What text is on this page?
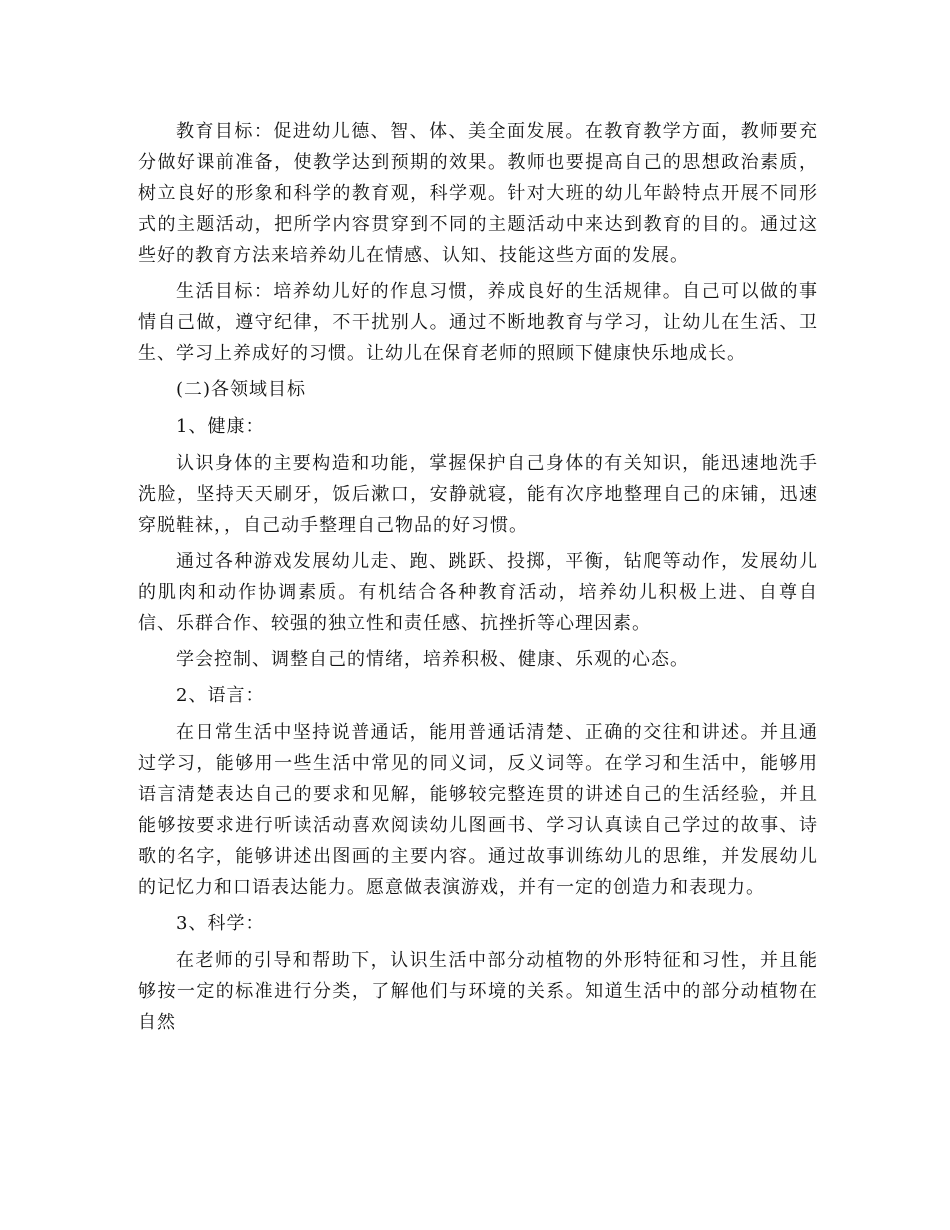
教育目标：促进幼儿德、智、体、美全面发展。在教育教学方面，教师要充分做好课前准备，使教学达到预期的效果。教师也要提高自己的思想政治素质，树立良好的形象和科学的教育观，科学观。针对大班的幼儿年龄特点开展不同形式的主题活动，把所学内容贯穿到不同的主题活动中来达到教育的目的。通过这些好的教育方法来培养幼儿在情感、认知、技能这些方面的发展。

生活目标：培养幼儿好的作息习惯，养成良好的生活规律。自己可以做的事情自己做，遵守纪律，不干扰别人。通过不断地教育与学习，让幼儿在生活、卫生、学习上养成好的习惯。让幼儿在保育老师的照顾下健康快乐地成长。

(二)各领域目标

1、健康：

认识身体的主要构造和功能，掌握保护自己身体的有关知识，能迅速地洗手洗脸，坚持天天刷牙，饭后漱口，安静就寝，能有次序地整理自己的床铺，迅速穿脱鞋袜，，自己动手整理自己物品的好习惯。

通过各种游戏发展幼儿走、跑、跳跃、投掷，平衡，钻爬等动作，发展幼儿的肌肉和动作协调素质。有机结合各种教育活动，培养幼儿积极上进、自尊自信、乐群合作、较强的独立性和责任感、抗挫折等心理因素。

学会控制、调整自己的情绪，培养积极、健康、乐观的心态。

2、语言：

在日常生活中坚持说普通话，能用普通话清楚、正确的交往和讲述。并且通过学习，能够用一些生活中常见的同义词，反义词等。在学习和生活中，能够用语言清楚表达自己的要求和见解，能够较完整连贯的讲述自己的生活经验，并且能够按要求进行听读活动喜欢阅读幼儿图画书、学习认真读自己学过的故事、诗歌的名字，能够讲述出图画的主要内容。通过故事训练幼儿的思维，并发展幼儿的记忆力和口语表达能力。愿意做表演游戏，并有一定的创造力和表现力。

3、科学：

在老师的引导和帮助下，认识生活中部分动植物的外形特征和习性，并且能够按一定的标准进行分类，了解他们与环境的关系。知道生活中的部分动植物在自然
